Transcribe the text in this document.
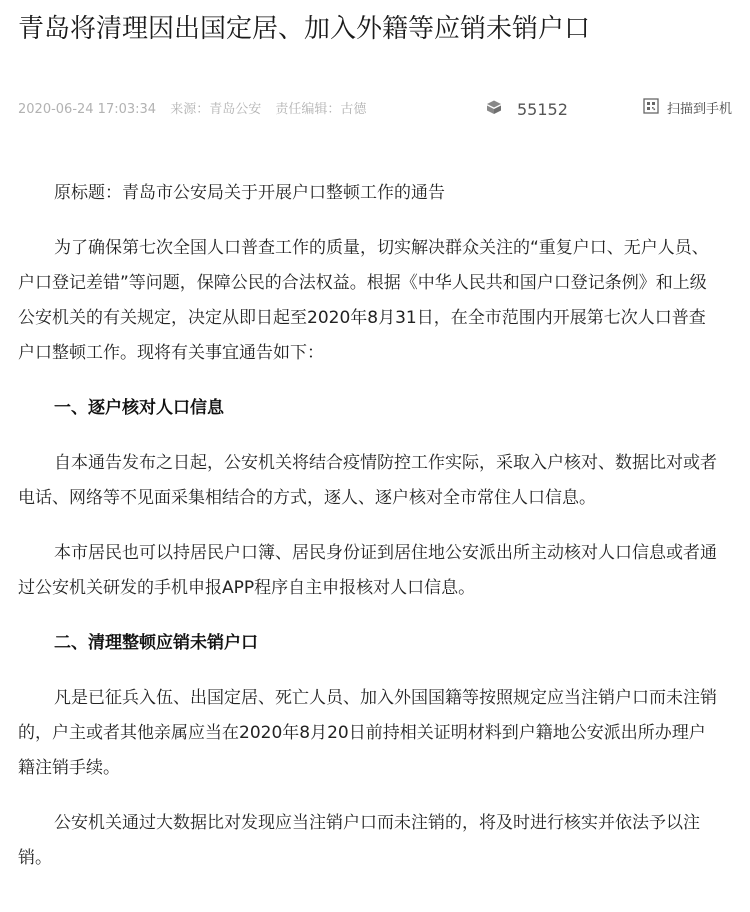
青岛将清理因出国定居、加入外籍等应销未销户口
2020-06-24 17:03:34 来源：青岛公安 责任编辑：古德	55152	扫描到手机

原标题：青岛市公安局关于开展户口整顿工作的通告

为了确保第七次全国人口普查工作的质量，切实解决群众关注的“重复户口、无户人员、户口登记差错”等问题，保障公民的合法权益。根据《中华人民共和国户口登记条例》和上级公安机关的有关规定，决定从即日起至2020年8月31日，在全市范围内开展第七次人口普查户口整顿工作。现将有关事宜通告如下：

一、逐户核对人口信息

自本通告发布之日起，公安机关将结合疫情防控工作实际，采取入户核对、数据比对或者电话、网络等不见面采集相结合的方式，逐人、逐户核对全市常住人口信息。

本市居民也可以持居民户口簿、居民身份证到居住地公安派出所主动核对人口信息或者通过公安机关研发的手机申报APP程序自主申报核对人口信息。

二、清理整顿应销未销户口

凡是已征兵入伍、出国定居、死亡人员、加入外国国籍等按照规定应当注销户口而未注销的，户主或者其他亲属应当在2020年8月20日前持相关证明材料到户籍地公安派出所办理户籍注销手续。

公安机关通过大数据比对发现应当注销户口而未注销的，将及时进行核实并依法予以注销。
